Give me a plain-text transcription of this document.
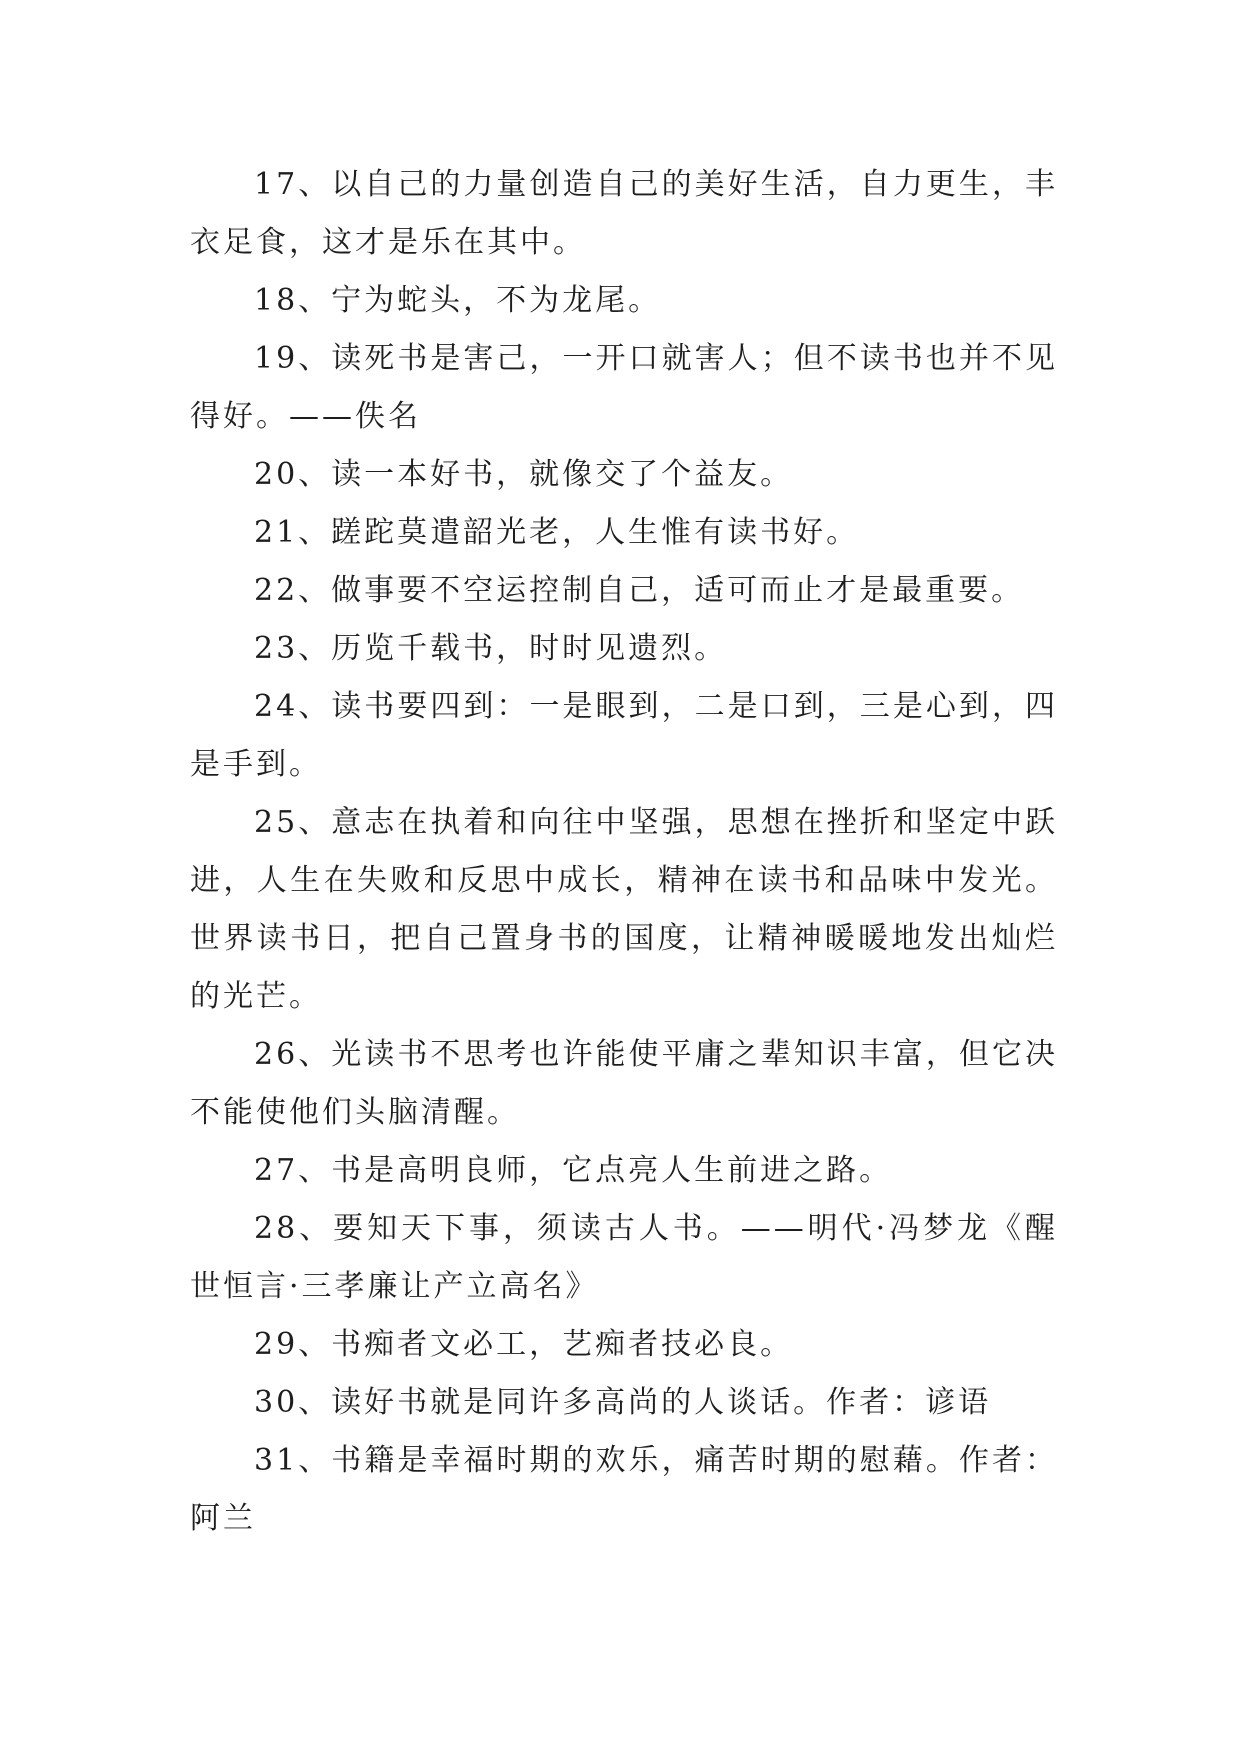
17、以自己的力量创造自己的美好生活，自力更生，丰衣足食，这才是乐在其中。

18、宁为蛇头，不为龙尾。

19、读死书是害己，一开口就害人；但不读书也并不见得好。——佚名

20、读一本好书，就像交了个益友。

21、蹉跎莫遣韶光老，人生惟有读书好。

22、做事要不空运控制自己，适可而止才是最重要。

23、历览千载书，时时见遗烈。

24、读书要四到：一是眼到，二是口到，三是心到，四是手到。

25、意志在执着和向往中坚强，思想在挫折和坚定中跃进，人生在失败和反思中成长，精神在读书和品味中发光。世界读书日，把自己置身书的国度，让精神暖暖地发出灿烂的光芒。

26、光读书不思考也许能使平庸之辈知识丰富，但它决不能使他们头脑清醒。

27、书是高明良师，它点亮人生前进之路。

28、要知天下事，须读古人书。——明代·冯梦龙《醒世恒言·三孝廉让产立高名》

29、书痴者文必工，艺痴者技必良。

30、读好书就是同许多高尚的人谈话。作者：谚语

31、书籍是幸福时期的欢乐，痛苦时期的慰藉。作者：阿兰
